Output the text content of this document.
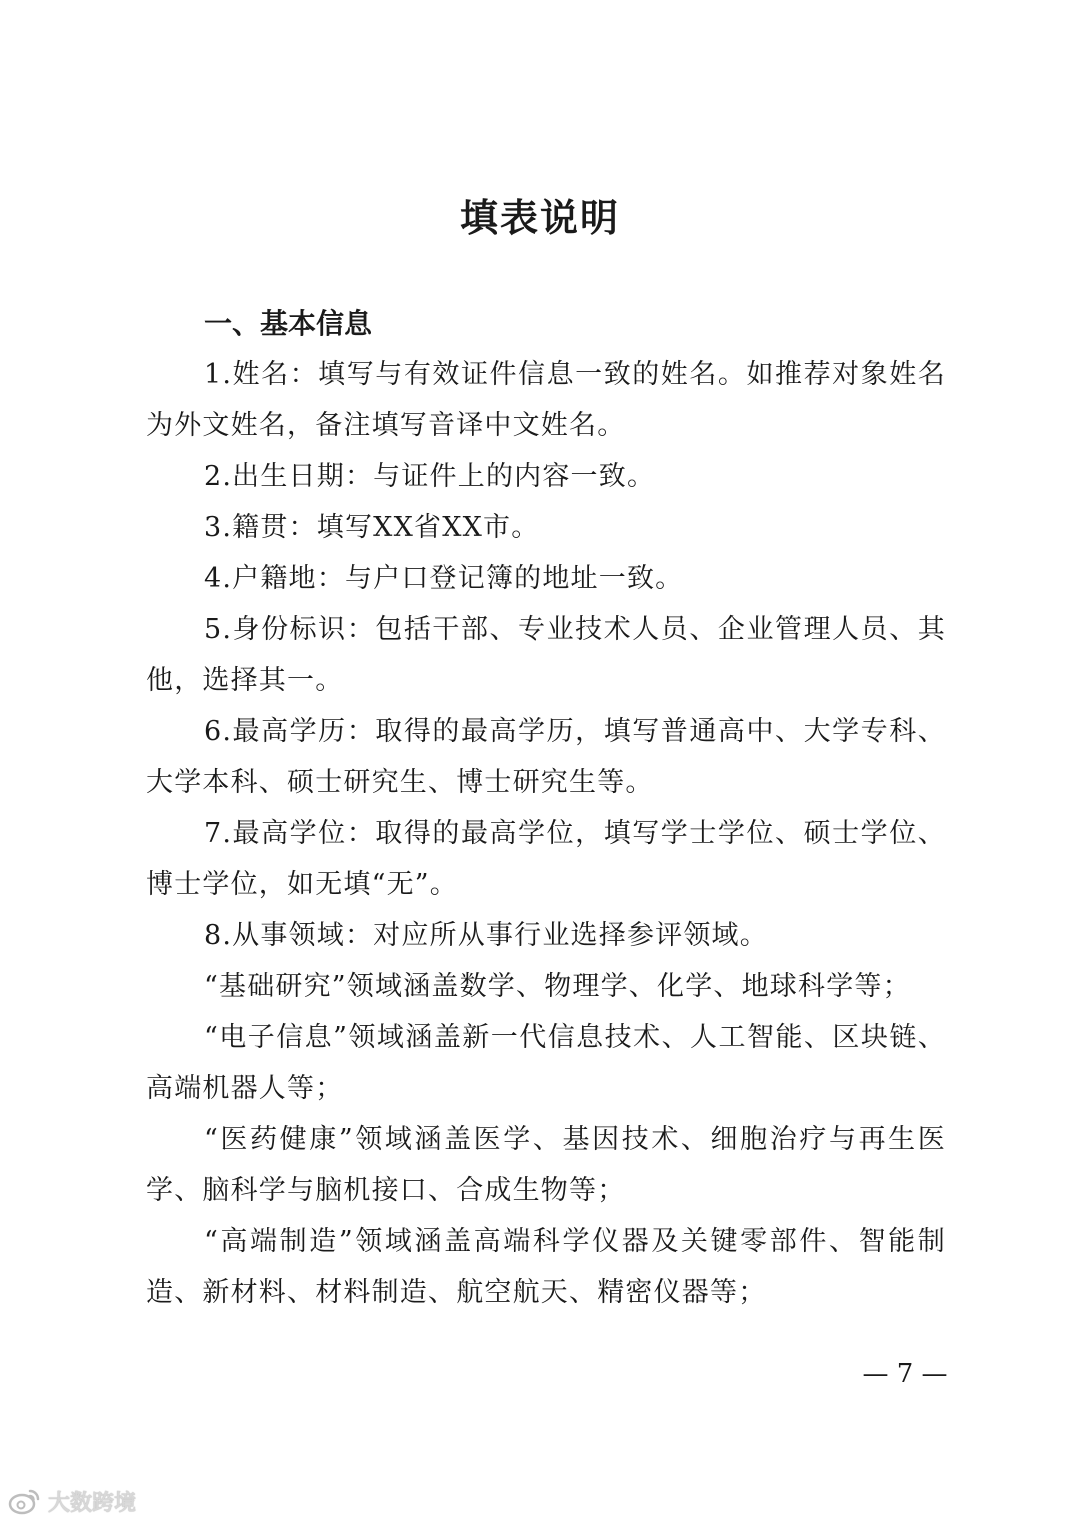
填表说明
一、基本信息
1.姓名：填写与有效证件信息一致的姓名。如推荐对象姓名为外文姓名，备注填写音译中文姓名。
2.出生日期：与证件上的内容一致。
3.籍贯：填写XX省XX市。
4.户籍地：与户口登记簿的地址一致。
5.身份标识：包括干部、专业技术人员、企业管理人员、其他，选择其一。
6.最高学历：取得的最高学历，填写普通高中、大学专科、大学本科、硕士研究生、博士研究生等。
7.最高学位：取得的最高学位，填写学士学位、硕士学位、博士学位，如无填“无”。
8.从事领域：对应所从事行业选择参评领域。
“基础研究”领域涵盖数学、物理学、化学、地球科学等；
“电子信息”领域涵盖新一代信息技术、人工智能、区块链、高端机器人等；
“医药健康”领域涵盖医学、基因技术、细胞治疗与再生医学、脑科学与脑机接口、合成生物等；
“高端制造”领域涵盖高端科学仪器及关键零部件、智能制造、新材料、材料制造、航空航天、精密仪器等；
— 7 —
大数跨境
